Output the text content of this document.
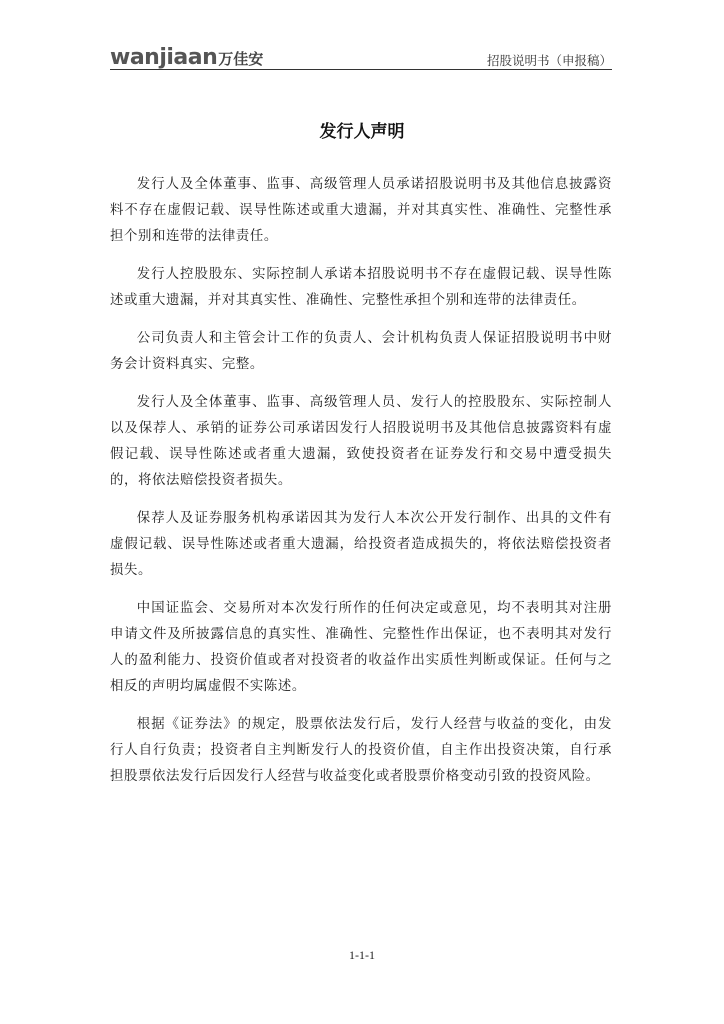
wanjiaan 万佳安	招股说明书（申报稿）
发行人声明

发行人及全体董事、监事、高级管理人员承诺招股说明书及其他信息披露资料不存在虚假记载、误导性陈述或重大遗漏，并对其真实性、准确性、完整性承担个别和连带的法律责任。

发行人控股股东、实际控制人承诺本招股说明书不存在虚假记载、误导性陈述或重大遗漏，并对其真实性、准确性、完整性承担个别和连带的法律责任。

公司负责人和主管会计工作的负责人、会计机构负责人保证招股说明书中财务会计资料真实、完整。

发行人及全体董事、监事、高级管理人员、发行人的控股股东、实际控制人以及保荐人、承销的证券公司承诺因发行人招股说明书及其他信息披露资料有虚假记载、误导性陈述或者重大遗漏，致使投资者在证券发行和交易中遭受损失的，将依法赔偿投资者损失。

保荐人及证券服务机构承诺因其为发行人本次公开发行制作、出具的文件有虚假记载、误导性陈述或者重大遗漏，给投资者造成损失的，将依法赔偿投资者损失。

中国证监会、交易所对本次发行所作的任何决定或意见，均不表明其对注册申请文件及所披露信息的真实性、准确性、完整性作出保证，也不表明其对发行人的盈利能力、投资价值或者对投资者的收益作出实质性判断或保证。任何与之相反的声明均属虚假不实陈述。

根据《证券法》的规定，股票依法发行后，发行人经营与收益的变化，由发行人自行负责；投资者自主判断发行人的投资价值，自主作出投资决策，自行承担股票依法发行后因发行人经营与收益变化或者股票价格变动引致的投资风险。

1-1-1
